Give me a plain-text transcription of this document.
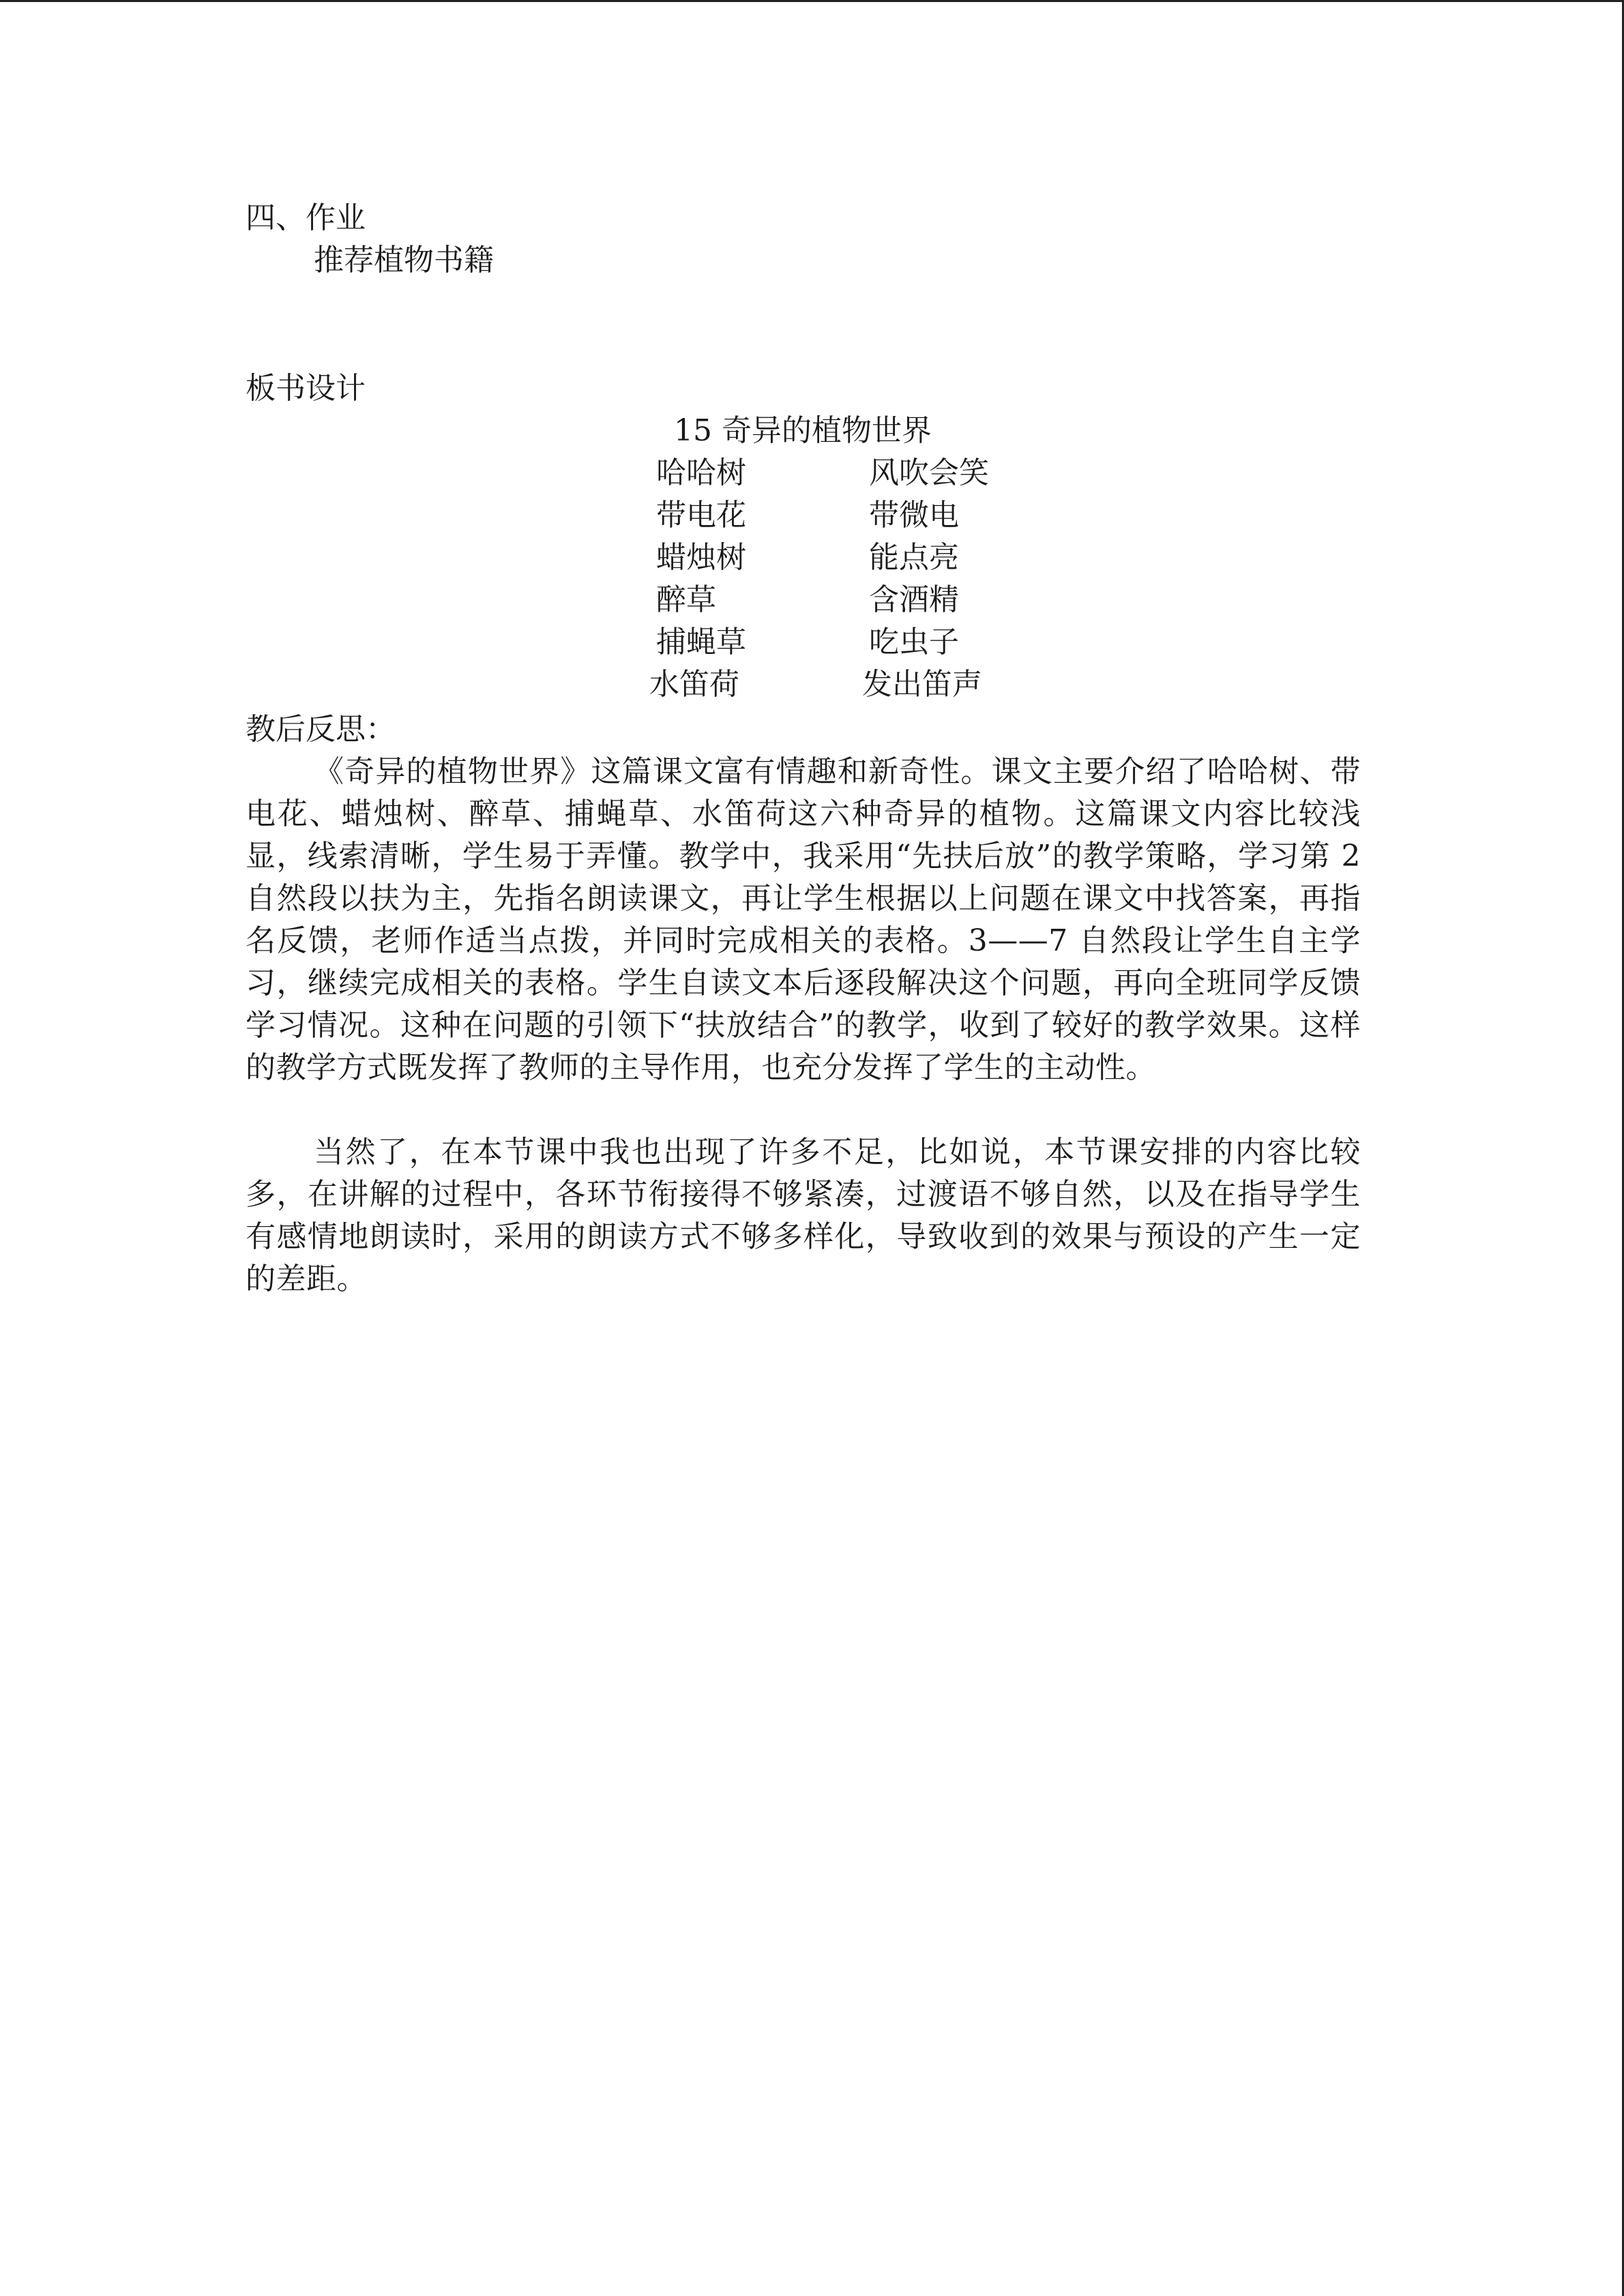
四、作业
推荐植物书籍
板书设计
15 奇异的植物世界
哈哈树	风吹会笑
带电花	带微电
蜡烛树	能点亮
醉草	含酒精
捕蝇草	吃虫子
水笛荷	发出笛声
教后反思：

《奇异的植物世界》这篇课文富有情趣和新奇性。课文主要介绍了哈哈树、带电花、蜡烛树、醉草、捕蝇草、水笛荷这六种奇异的植物。这篇课文内容比较浅显，线索清晰，学生易于弄懂。教学中，我采用“先扶后放”的教学策略，学习第 2 自然段以扶为主，先指名朗读课文，再让学生根据以上问题在课文中找答案，再指名反馈，老师作适当点拨，并同时完成相关的表格。3——7 自然段让学生自主学习，继续完成相关的表格。学生自读文本后逐段解决这个问题，再向全班同学反馈学习情况。这种在问题的引领下“扶放结合”的教学，收到了较好的教学效果。这样的教学方式既发挥了教师的主导作用，也充分发挥了学生的主动性。

当然了，在本节课中我也出现了许多不足，比如说，本节课安排的内容比较多，在讲解的过程中，各环节衔接得不够紧凑，过渡语不够自然，以及在指导学生有感情地朗读时，采用的朗读方式不够多样化，导致收到的效果与预设的产生一定的差距。
